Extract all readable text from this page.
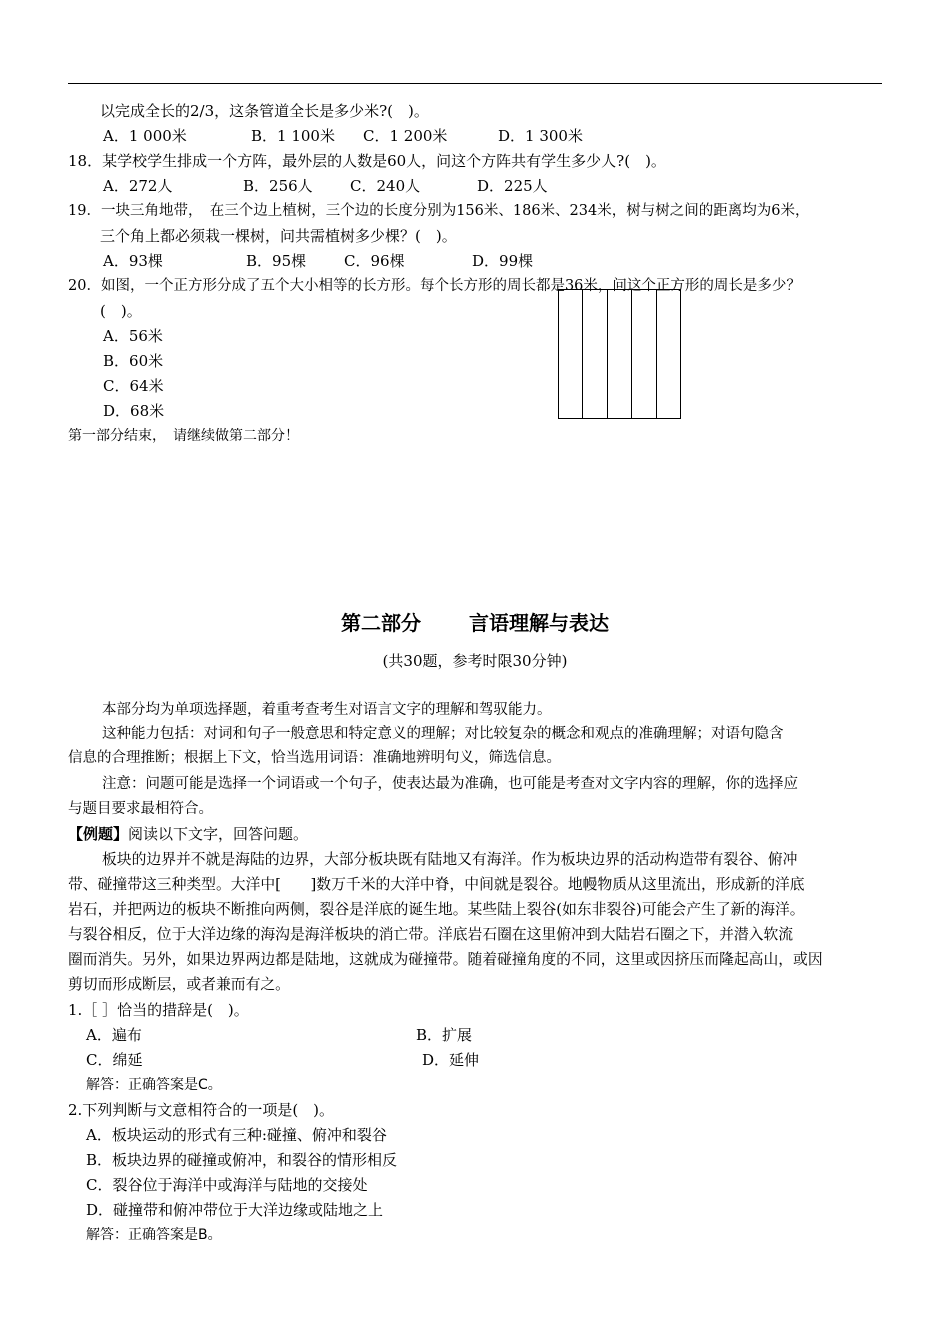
以完成全长的2/3，这条管道全长是多少米?(　)。
A．1 000米	B．1 100米 C．1 200米	D．1 300米
18．某学校学生排成一个方阵，最外层的人数是60人，问这个方阵共有学生多少人?(　)。
A．272人	B．256人 C．240人	D．225人
19．一块三角地带，　在三个边上植树，三个边的长度分别为156米、186米、234米，树与树之间的距离均为6米，
三个角上都必须栽一棵树，问共需植树多少棵？(　)。
A．93棵	B．95棵	C．96棵	D．99棵
20．如图，一个正方形分成了五个大小相等的长方形。每个长方形的周长都是36米，问这个正方形的周长是多少？
(　)。
A．56米
B．60米
C．64米
D．68米
第一部分结束，　请继续做第二部分！
第二部分 言语理解与表达
(共30题，参考时限30分钟)
本部分均为单项选择题，着重考查考生对语言文字的理解和驾驭能力。
这种能力包括：对词和句子一般意思和特定意义的理解；对比较复杂的概念和观点的准确理解；对语句隐含
信息的合理推断；根据上下文，恰当选用词语：准确地辨明句义，筛选信息。
注意：问题可能是选择一个词语或一个句子，使表达最为准确，也可能是考查对文字内容的理解，你的选择应
与题目要求最相符合。
【例题】阅读以下文字，回答问题。
板块的边界并不就是海陆的边界，大部分板块既有陆地又有海洋。作为板块边界的活动构造带有裂谷、俯冲
带、碰撞带这三种类型。大洋中[　　]数万千米的大洋中脊，中间就是裂谷。地幔物质从这里流出，形成新的洋底
岩石，并把两边的板块不断推向两侧，裂谷是洋底的诞生地。某些陆上裂谷(如东非裂谷)可能会产生了新的海洋。
与裂谷相反，位于大洋边缘的海沟是海洋板块的消亡带。洋底岩石圈在这里俯冲到大陆岩石圈之下，并潜入软流
圈而消失。另外，如果边界两边都是陆地，这就成为碰撞带。随着碰撞角度的不同，这里或因挤压而隆起高山，或因
剪切而形成断层，或者兼而有之。
1.［ ］恰当的措辞是(　)。
A．遍布	B．扩展
C．绵延	D．延伸
解答：正确答案是C。
2.下列判断与文意相符合的一项是(　)。
A．板块运动的形式有三种:碰撞、俯冲和裂谷
B．板块边界的碰撞或俯冲，和裂谷的情形相反
C．裂谷位于海洋中或海洋与陆地的交接处
D．碰撞带和俯冲带位于大洋边缘或陆地之上
解答：正确答案是B。
